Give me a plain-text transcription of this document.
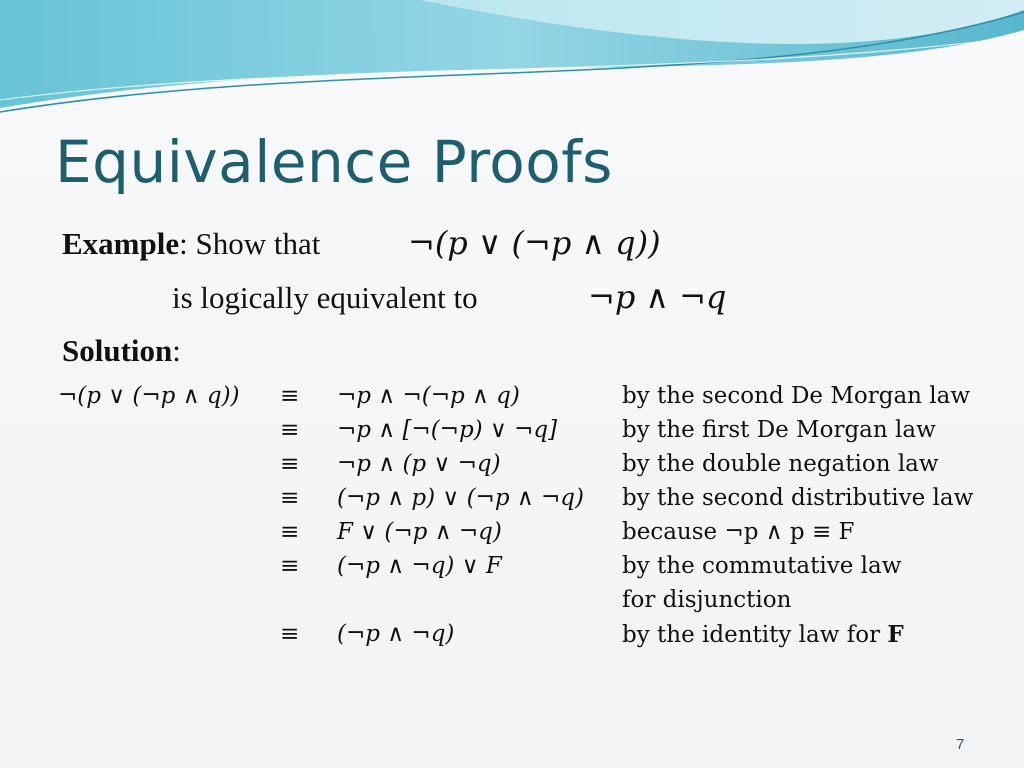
Equivalence Proofs
Example: Show that	¬(p ∨ (¬p ∧ q))
is logically equivalent to	¬p ∧ ¬q
Solution:
¬(p ∨ (¬p ∧ q)) ≡ ¬p ∧ ¬(¬p ∧ q)	by the second De Morgan law
≡ ¬p ∧ [¬(¬p) ∨ ¬q]	by the first De Morgan law
≡ ¬p ∧ (p ∨ ¬q)	by the double negation law
≡ (¬p ∧ p) ∨ (¬p ∧ ¬q) by the second distributive law
≡ F ∨ (¬p ∧ ¬q)	because ¬p ∧ p ≡ F
≡ (¬p ∧ ¬q) ∨ F	by the commutative law
for disjunction
≡ (¬p ∧ ¬q)	by the identity law for F
7
